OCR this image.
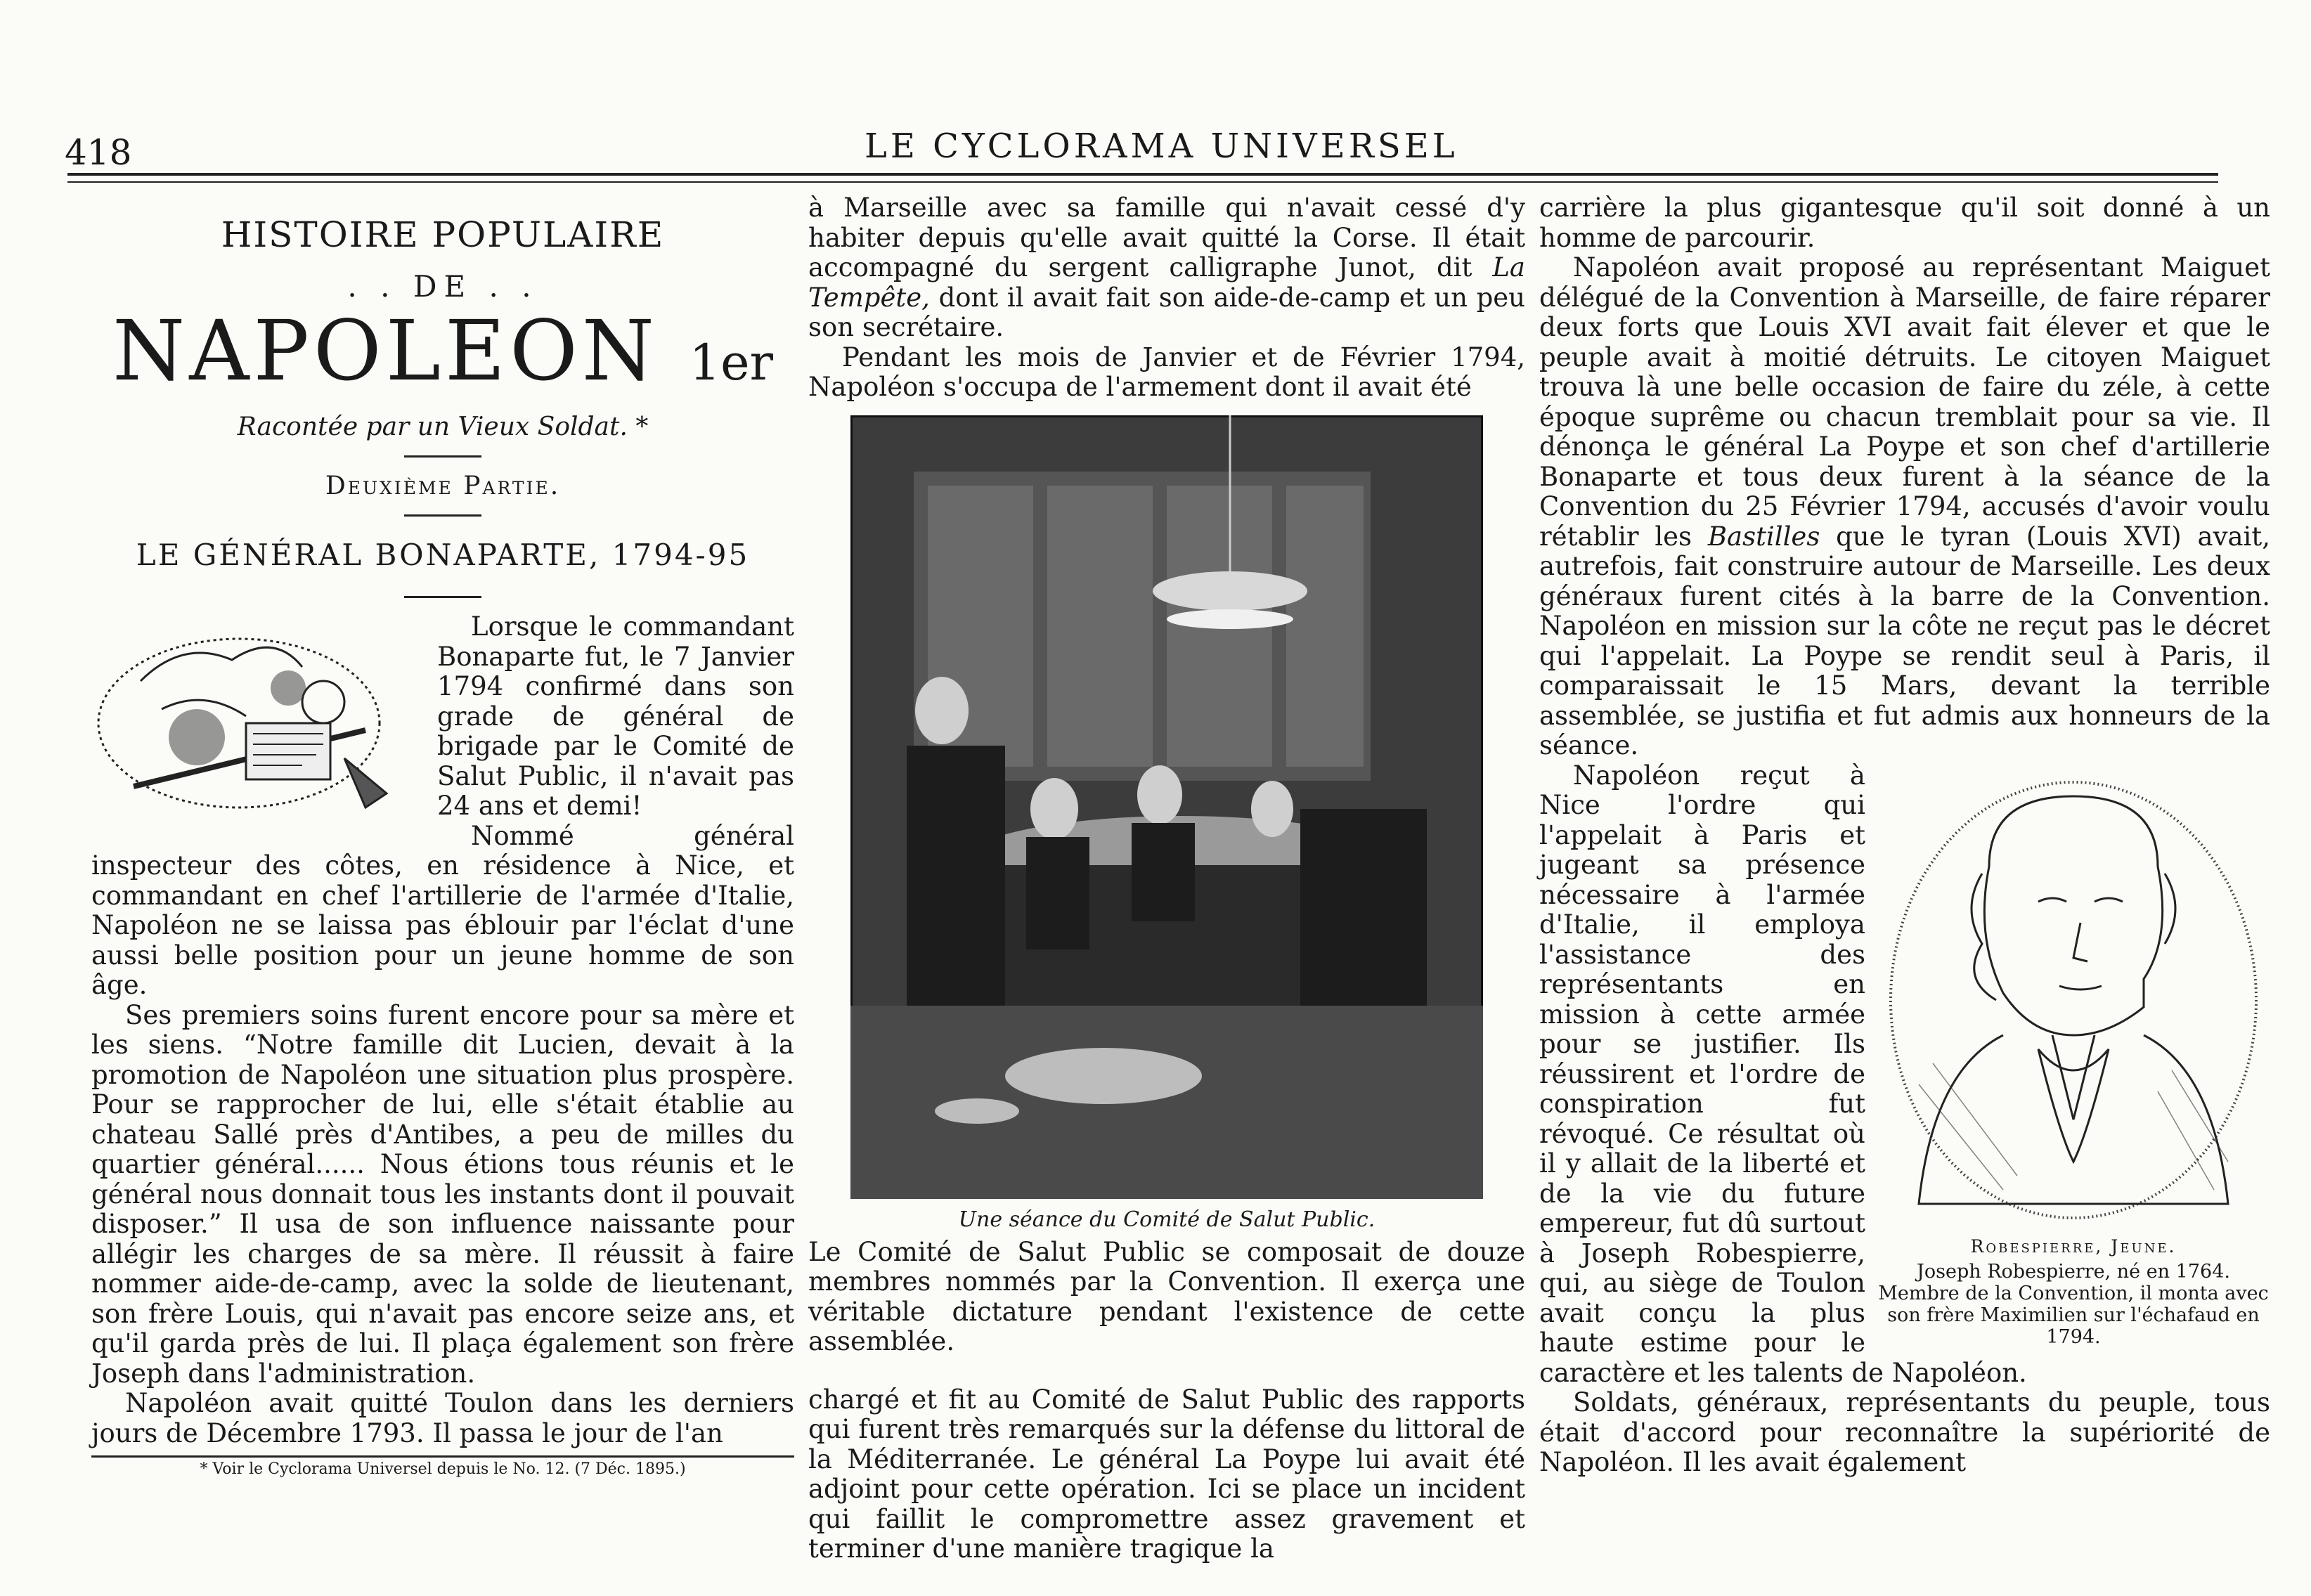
418	LE CYCLORAMA UNIVERSEL
HISTOIRE POPULAIRE
. . DE . .
NAPOLEON 1er
Racontée par un Vieux Soldat. *
Deuxième Partie.
LE GÉNÉRAL BONAPARTE, 1794-95

Lorsque le commandant Bonaparte fut, le 7 Janvier 1794 confirmé dans son grade de général de brigade par le Comité de Salut Public, il n'avait pas 24 ans et demi!

Nommé général inspecteur des côtes, en résidence à Nice, et commandant en chef l'artillerie de l'armée d'Italie, Napoléon ne se laissa pas éblouir par l'éclat d'une aussi belle position pour un jeune homme de son âge.

Ses premiers soins furent encore pour sa mère et les siens. “Notre famille dit Lucien, devait à la promotion de Napoléon une situation plus prospère. Pour se rapprocher de lui, elle s'était établie au chateau Sallé près d'Antibes, a peu de milles du quartier général...... Nous étions tous réunis et le général nous donnait tous les instants dont il pouvait disposer.” Il usa de son influence naissante pour allégir les charges de sa mère. Il réussit à faire nommer aide-de-camp, avec la solde de lieutenant, son frère Louis, qui n'avait pas encore seize ans, et qu'il garda près de lui. Il plaça également son frère Joseph dans l'administration.

Napoléon avait quitté Toulon dans les derniers jours de Décembre 1793. Il passa le jour de l'an

* Voir le Cyclorama Universel depuis le No. 12. (7 Déc. 1895.)

à Marseille avec sa famille qui n'avait cessé d'y habiter depuis qu'elle avait quitté la Corse. Il était accompagné du sergent calligraphe Junot, dit La Tempête, dont il avait fait son aide-de-camp et un peu son secrétaire.

Pendant les mois de Janvier et de Février 1794, Napoléon s'occupa de l'armement dont il avait été

Une séance du Comité de Salut Public.

Le Comité de Salut Public se composait de douze membres nommés par la Convention. Il exerça une véritable dictature pendant l'existence de cette assemblée.

chargé et fit au Comité de Salut Public des rapports qui furent très remarqués sur la défense du littoral de la Méditerranée. Le général La Poype lui avait été adjoint pour cette opération. Ici se place un incident qui faillit le compromettre assez gravement et terminer d'une manière tragique la

carrière la plus gigantesque qu'il soit donné à un homme de parcourir.

Napoléon avait proposé au représentant Maiguet délégué de la Convention à Marseille, de faire réparer deux forts que Louis XVI avait fait élever et que le peuple avait à moitié détruits. Le citoyen Maiguet trouva là une belle occasion de faire du zéle, à cette époque suprême ou chacun tremblait pour sa vie. Il dénonça le général La Poype et son chef d'artillerie Bonaparte et tous deux furent à la séance de la Convention du 25 Février 1794, accusés d'avoir voulu rétablir les Bastilles que le tyran (Louis XVI) avait, autrefois, fait construire autour de Marseille. Les deux généraux furent cités à la barre de la Convention. Napoléon en mission sur la côte ne reçut pas le décret qui l'appelait. La Poype se rendit seul à Paris, il comparaissait le 15 Mars, devant la terrible assemblée, se justifia et fut admis aux honneurs de la séance.

Robespierre, Jeune.
Joseph Robespierre, né en 1764. Membre de la Convention, il monta avec son frère Maximilien sur l'échafaud en 1794.

Napoléon reçut à Nice l'ordre qui l'appelait à Paris et jugeant sa présence nécessaire à l'armée d'Italie, il employa l'assistance des représentants en mission à cette armée pour se justifier. Ils réussirent et l'ordre de conspiration fut révoqué. Ce résultat où il y allait de la liberté et de la vie du future empereur, fut dû surtout à Joseph Robespierre, qui, au siège de Toulon avait conçu la plus haute estime pour le caractère et les talents de Napoléon.

Soldats, généraux, représentants du peuple, tous était d'accord pour reconnaître la supériorité de Napoléon. Il les avait également
